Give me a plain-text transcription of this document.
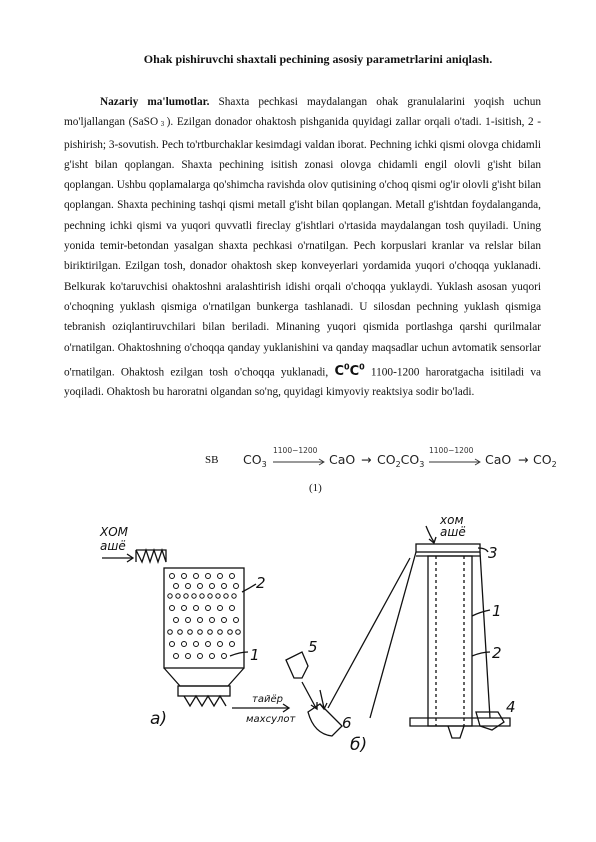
Ohak pishiruvchi shaxtali pechining asosiy parametrlarini aniqlash.
Nazariy ma'lumotlar. Shaxta pechkasi maydalangan ohak granulalarini yoqish uchun mo'ljallangan (SaSO 3 ). Ezilgan donador ohaktosh pishganida quyidagi zallar orqali o'tadi. 1-isitish, 2 - pishirish; 3-sovutish. Pech to'rtburchaklar kesimdagi valdan iborat. Pechning ichki qismi olovga chidamli g'isht bilan qoplangan. Shaxta pechining isitish zonasi olovga chidamli engil olovli g'isht bilan qoplangan. Ushbu qoplamalarga qo'shimcha ravishda olov qutisining o'choq qismi og'ir olovli g'isht bilan qoplangan. Shaxta pechining tashqi qismi metall g'isht bilan qoplangan. Metall g'ishtdan foydalanganda, pechning ichki qismi va yuqori quvvatli fireclay g'ishtlari o'rtasida maydalangan tosh quyiladi. Uning yonida temir-betondan yasalgan shaxta pechkasi o'rnatilgan. Pech korpuslari kranlar va relslar bilan biriktirilgan. Ezilgan tosh, donador ohaktosh skep konveyerlari yordamida yuqori o'choqqa yuklanadi. Belkurak ko'taruvchisi ohaktoshni aralashtirish idishi orqali o'choqqa yuklaydi. Yuklash asosan yuqori o'choqning yuklash qismiga o'rnatilgan bunkerga tashlanadi. U silosdan pechning yuklash qismiga tebranish oziqlantiruvchilari bilan beriladi. Minaning yuqori qismida portlashga qarshi qurilmalar o'rnatilgan. Ohaktoshning o'choqqa qanday yuklanishini va qanday maqsadlar uchun avtomatik sensorlar o'rnatilgan. Ohaktosh ezilgan tosh o'choqqa yuklanadi, $C^0C^0$ 1100-1200 haroratgacha isitiladi va yoqiladi. Ohaktosh bu haroratni olgandan so'ng, quyidagi kimyoviy reaktsiya sodir bo'ladi.
SB $CO_3$
1100−1200
CaO → $CO_2CO_3$
1100−1200
CaO → $CO_2$
(1)
ХОМ
ашё
хом
ашё
тайёр
махсулот
а)
б)
1
2
5
6
3
1
2
4
